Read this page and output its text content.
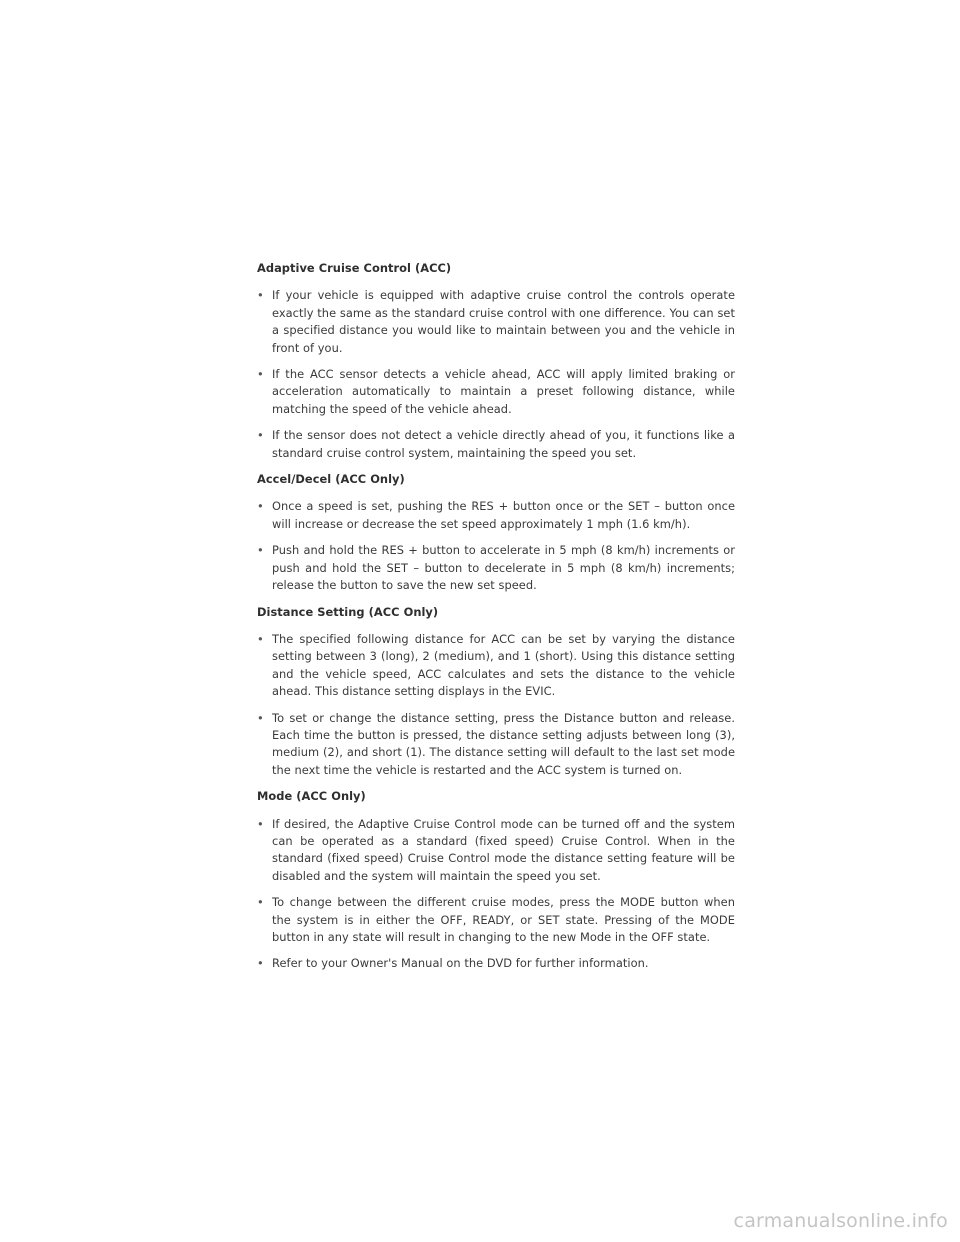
Adaptive Cruise Control (ACC)
• If your vehicle is equipped with adaptive cruise control the controls operate exactly the same as the standard cruise control with one difference. You can set a specified distance you would like to maintain between you and the vehicle in front of you.
• If the ACC sensor detects a vehicle ahead, ACC will apply limited braking or acceleration automatically to maintain a preset following distance, while matching the speed of the vehicle ahead.
• If the sensor does not detect a vehicle directly ahead of you, it functions like a standard cruise control system, maintaining the speed you set.
Accel/Decel (ACC Only)
• Once a speed is set, pushing the RES + button once or the SET – button once will increase or decrease the set speed approximately 1 mph (1.6 km/h).
• Push and hold the RES + button to accelerate in 5 mph (8 km/h) increments or push and hold the SET – button to decelerate in 5 mph (8 km/h) increments; release the button to save the new set speed.
Distance Setting (ACC Only)
• The specified following distance for ACC can be set by varying the distance setting between 3 (long), 2 (medium), and 1 (short). Using this distance setting and the vehicle speed, ACC calculates and sets the distance to the vehicle ahead. This distance setting displays in the EVIC.
• To set or change the distance setting, press the Distance button and release. Each time the button is pressed, the distance setting adjusts between long (3), medium (2), and short (1). The distance setting will default to the last set mode the next time the vehicle is restarted and the ACC system is turned on.
Mode (ACC Only)
• If desired, the Adaptive Cruise Control mode can be turned off and the system can be operated as a standard (fixed speed) Cruise Control. When in the standard (fixed speed) Cruise Control mode the distance setting feature will be disabled and the system will maintain the speed you set.
• To change between the different cruise modes, press the MODE button when the system is in either the OFF, READY, or SET state. Pressing of the MODE button in any state will result in changing to the new Mode in the OFF state.
• Refer to your Owner's Manual on the DVD for further information.
carmanualsonline.info
